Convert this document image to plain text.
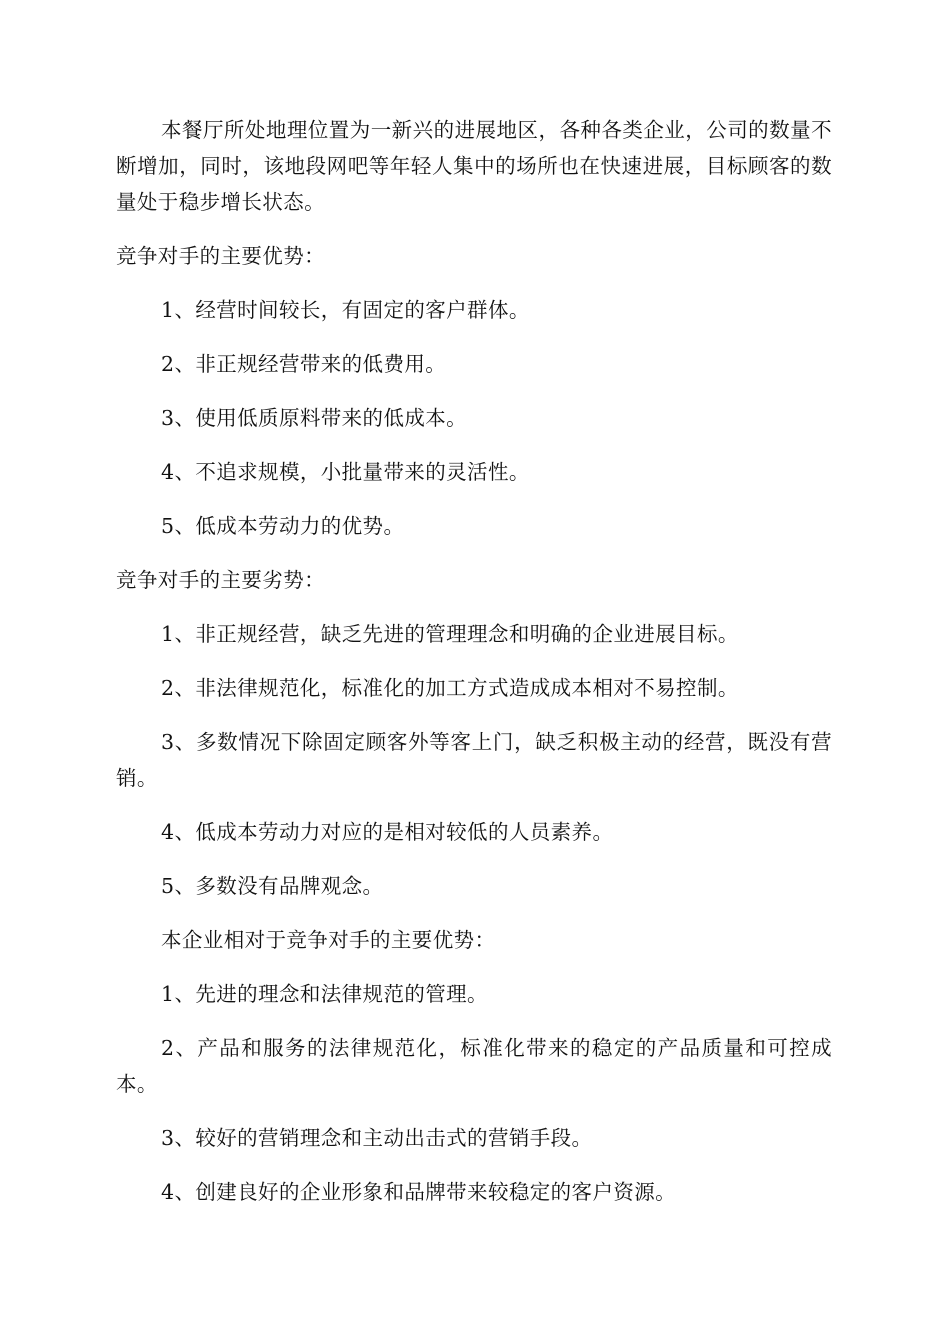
本餐厅所处地理位置为一新兴的进展地区，各种各类企业，公司的数量不断增加，同时，该地段网吧等年轻人集中的场所也在快速进展，目标顾客的数量处于稳步增长状态。

竞争对手的主要优势：

1、经营时间较长，有固定的客户群体。

2、非正规经营带来的低费用。

3、使用低质原料带来的低成本。

4、不追求规模，小批量带来的灵活性。

5、低成本劳动力的优势。

竞争对手的主要劣势：

1、非正规经营，缺乏先进的管理理念和明确的企业进展目标。

2、非法律规范化，标准化的加工方式造成成本相对不易控制。

3、多数情况下除固定顾客外等客上门，缺乏积极主动的经营，既没有营销。

4、低成本劳动力对应的是相对较低的人员素养。

5、多数没有品牌观念。

本企业相对于竞争对手的主要优势：

1、先进的理念和法律规范的管理。

2、产品和服务的法律规范化，标准化带来的稳定的产品质量和可控成本。

3、较好的营销理念和主动出击式的营销手段。

4、创建良好的企业形象和品牌带来较稳定的客户资源。
